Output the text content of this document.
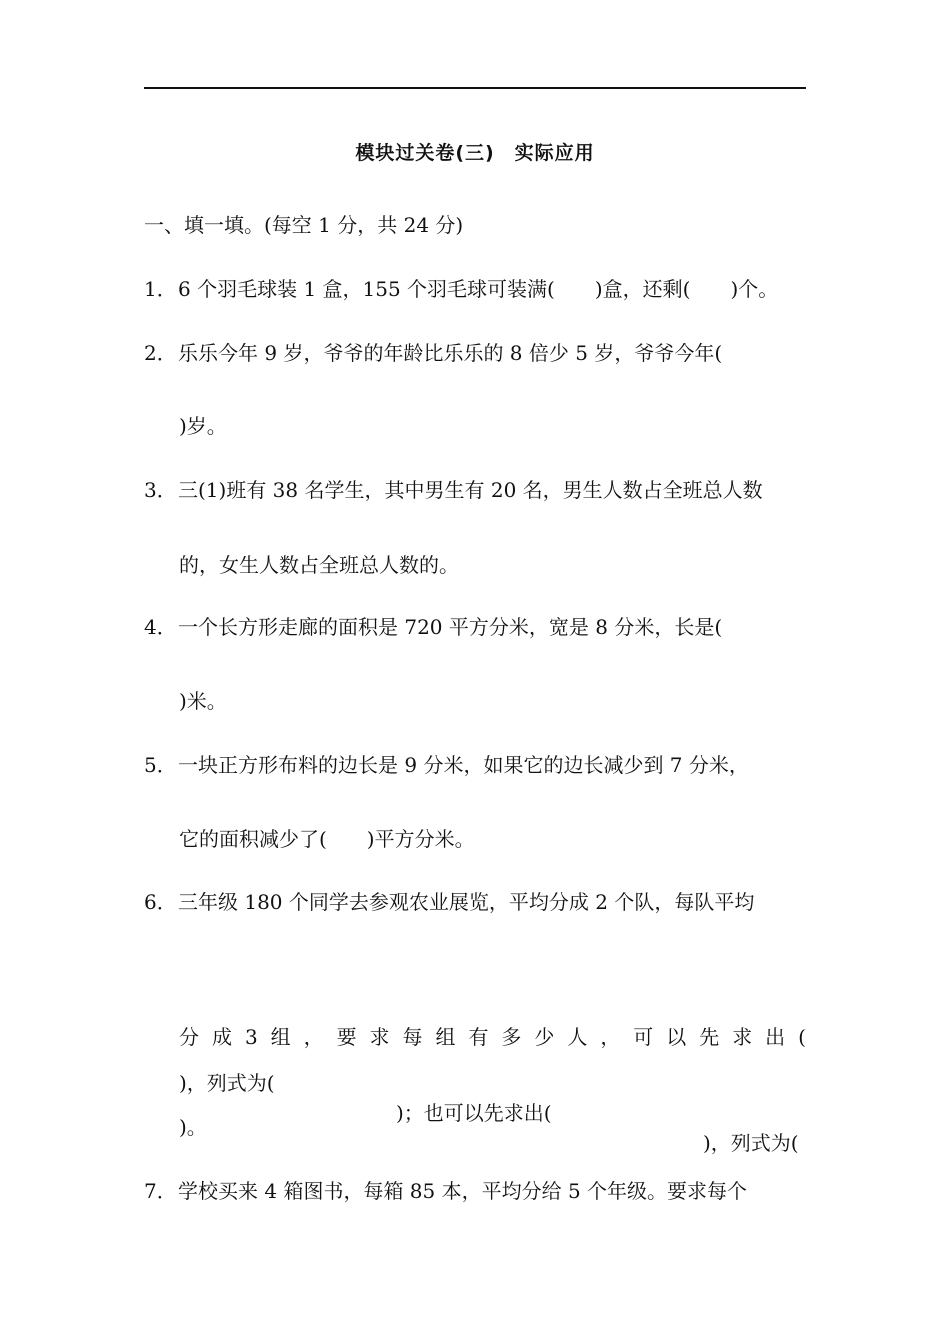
模块过关卷(三)　实际应用
一、填一填。(每空 1 分，共 24 分)

1．

6 个羽毛球装 1 盒，155 个羽毛球可装满(　　)盒，还剩(　　)个。

2．

乐乐今年 9 岁，爷爷的年龄比乐乐的 8 倍少 5 岁，爷爷今年(

)岁。

3．

三(1)班有 38 名学生，其中男生有 20 名，男生人数占全班总人数

的，女生人数占全班总人数的。

4．

一个长方形走廊的面积是 720 平方分米，宽是 8 分米，长是(

)米。

5．

一块正方形布料的边长是 9 分米，如果它的边长减少到 7 分米，

它的面积减少了(　　)平方分米。

6．

三年级 180 个同学去参观农业展览，平均分成 2 个队，每队平均

分 成 3 组 ， 要 求 每 组 有 多 少 人 ， 可 以 先 求 出 (

)，列式为(

)；也可以先求出(

)，列式为(

)。

7．

学校买来 4 箱图书，每箱 85 本，平均分给 5 个年级。要求每个
